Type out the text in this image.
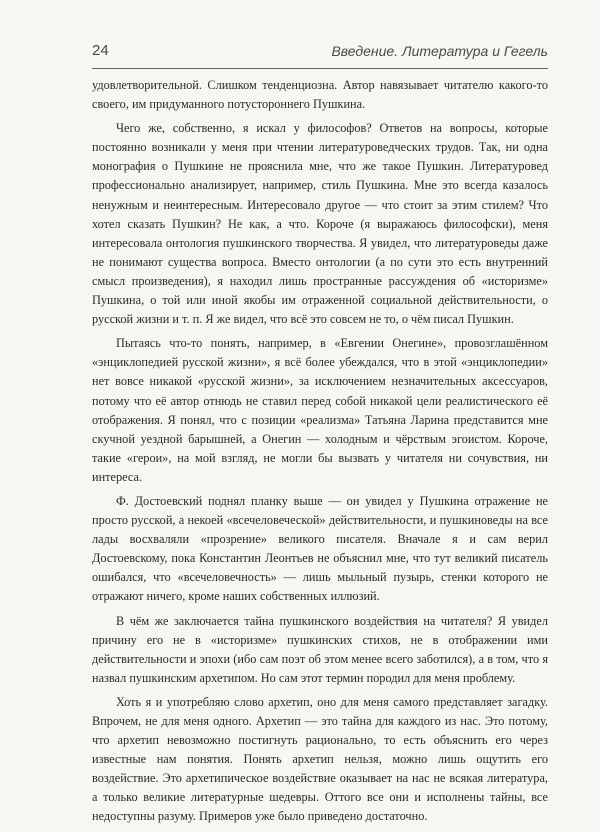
24	Введение. Литература и Гегель

удовлетворительной. Слишком тенденциозна. Автор навязывает читателю какого-то своего, им придуманного потустороннего Пушкина.

Чего же, собственно, я искал у философов? Ответов на вопросы, которые постоянно возникали у меня при чтении литературоведческих трудов. Так, ни одна монография о Пушкине не прояснила мне, что же такое Пушкин. Литературовед профессионально анализирует, например, стиль Пушкина. Мне это всегда казалось ненужным и неинтересным. Интересовало другое — что стоит за этим стилем? Что хотел сказать Пушкин? Не как, а что. Короче (я выражаюсь философски), меня интересовала онтология пушкинского творчества. Я увидел, что литературоведы даже не понимают существа вопроса. Вместо онтологии (а по сути это есть внутренний смысл произведения), я находил лишь пространные рассуждения об «историзме» Пушкина, о той или иной якобы им отраженной социальной действительности, о русской жизни и т. п. Я же видел, что всё это совсем не то, о чём писал Пушкин.

Пытаясь что-то понять, например, в «Евгении Онегине», провозглашённом «энциклопедией русской жизни», я всё более убеждался, что в этой «энциклопедии» нет вовсе никакой «русской жизни», за исключением незначительных аксессуаров, потому что её автор отнюдь не ставил перед собой никакой цели реалистического её отображения. Я понял, что с позиции «реализма» Татьяна Ларина представится мне скучной уездной барышней, а Онегин — холодным и чёрствым эгоистом. Короче, такие «герои», на мой взгляд, не могли бы вызвать у читателя ни сочувствия, ни интереса.

Ф. Достоевский поднял планку выше — он увидел у Пушкина отражение не просто русской, а некоей «всечеловеческой» действительности, и пушкиноведы на все лады восхваляли «прозрение» великого писателя. Вначале я и сам верил Достоевскому, пока Константин Леонтьев не объяснил мне, что тут великий писатель ошибался, что «всечеловечность» — лишь мыльный пузырь, стенки которого не отражают ничего, кроме наших собственных иллюзий.

В чём же заключается тайна пушкинского воздействия на читателя? Я увидел причину его не в «историзме» пушкинских стихов, не в отображении ими действительности и эпохи (ибо сам поэт об этом менее всего заботился), а в том, что я назвал пушкинским архетипом. Но сам этот термин породил для меня проблему.

Хоть я и употребляю слово архетип, оно для меня самого представляет загадку. Впрочем, не для меня одного. Архетип — это тайна для каждого из нас. Это потому, что архетип невозможно постигнуть рационально, то есть объяснить его через известные нам понятия. Понять архетип нельзя, можно лишь ощутить его воздействие. Это архетипическое воздействие оказывает на нас не всякая литература, а только великие литературные шедевры. Оттого все они и исполнены тайны, все недоступны разуму. Примеров уже было приведено достаточно.
